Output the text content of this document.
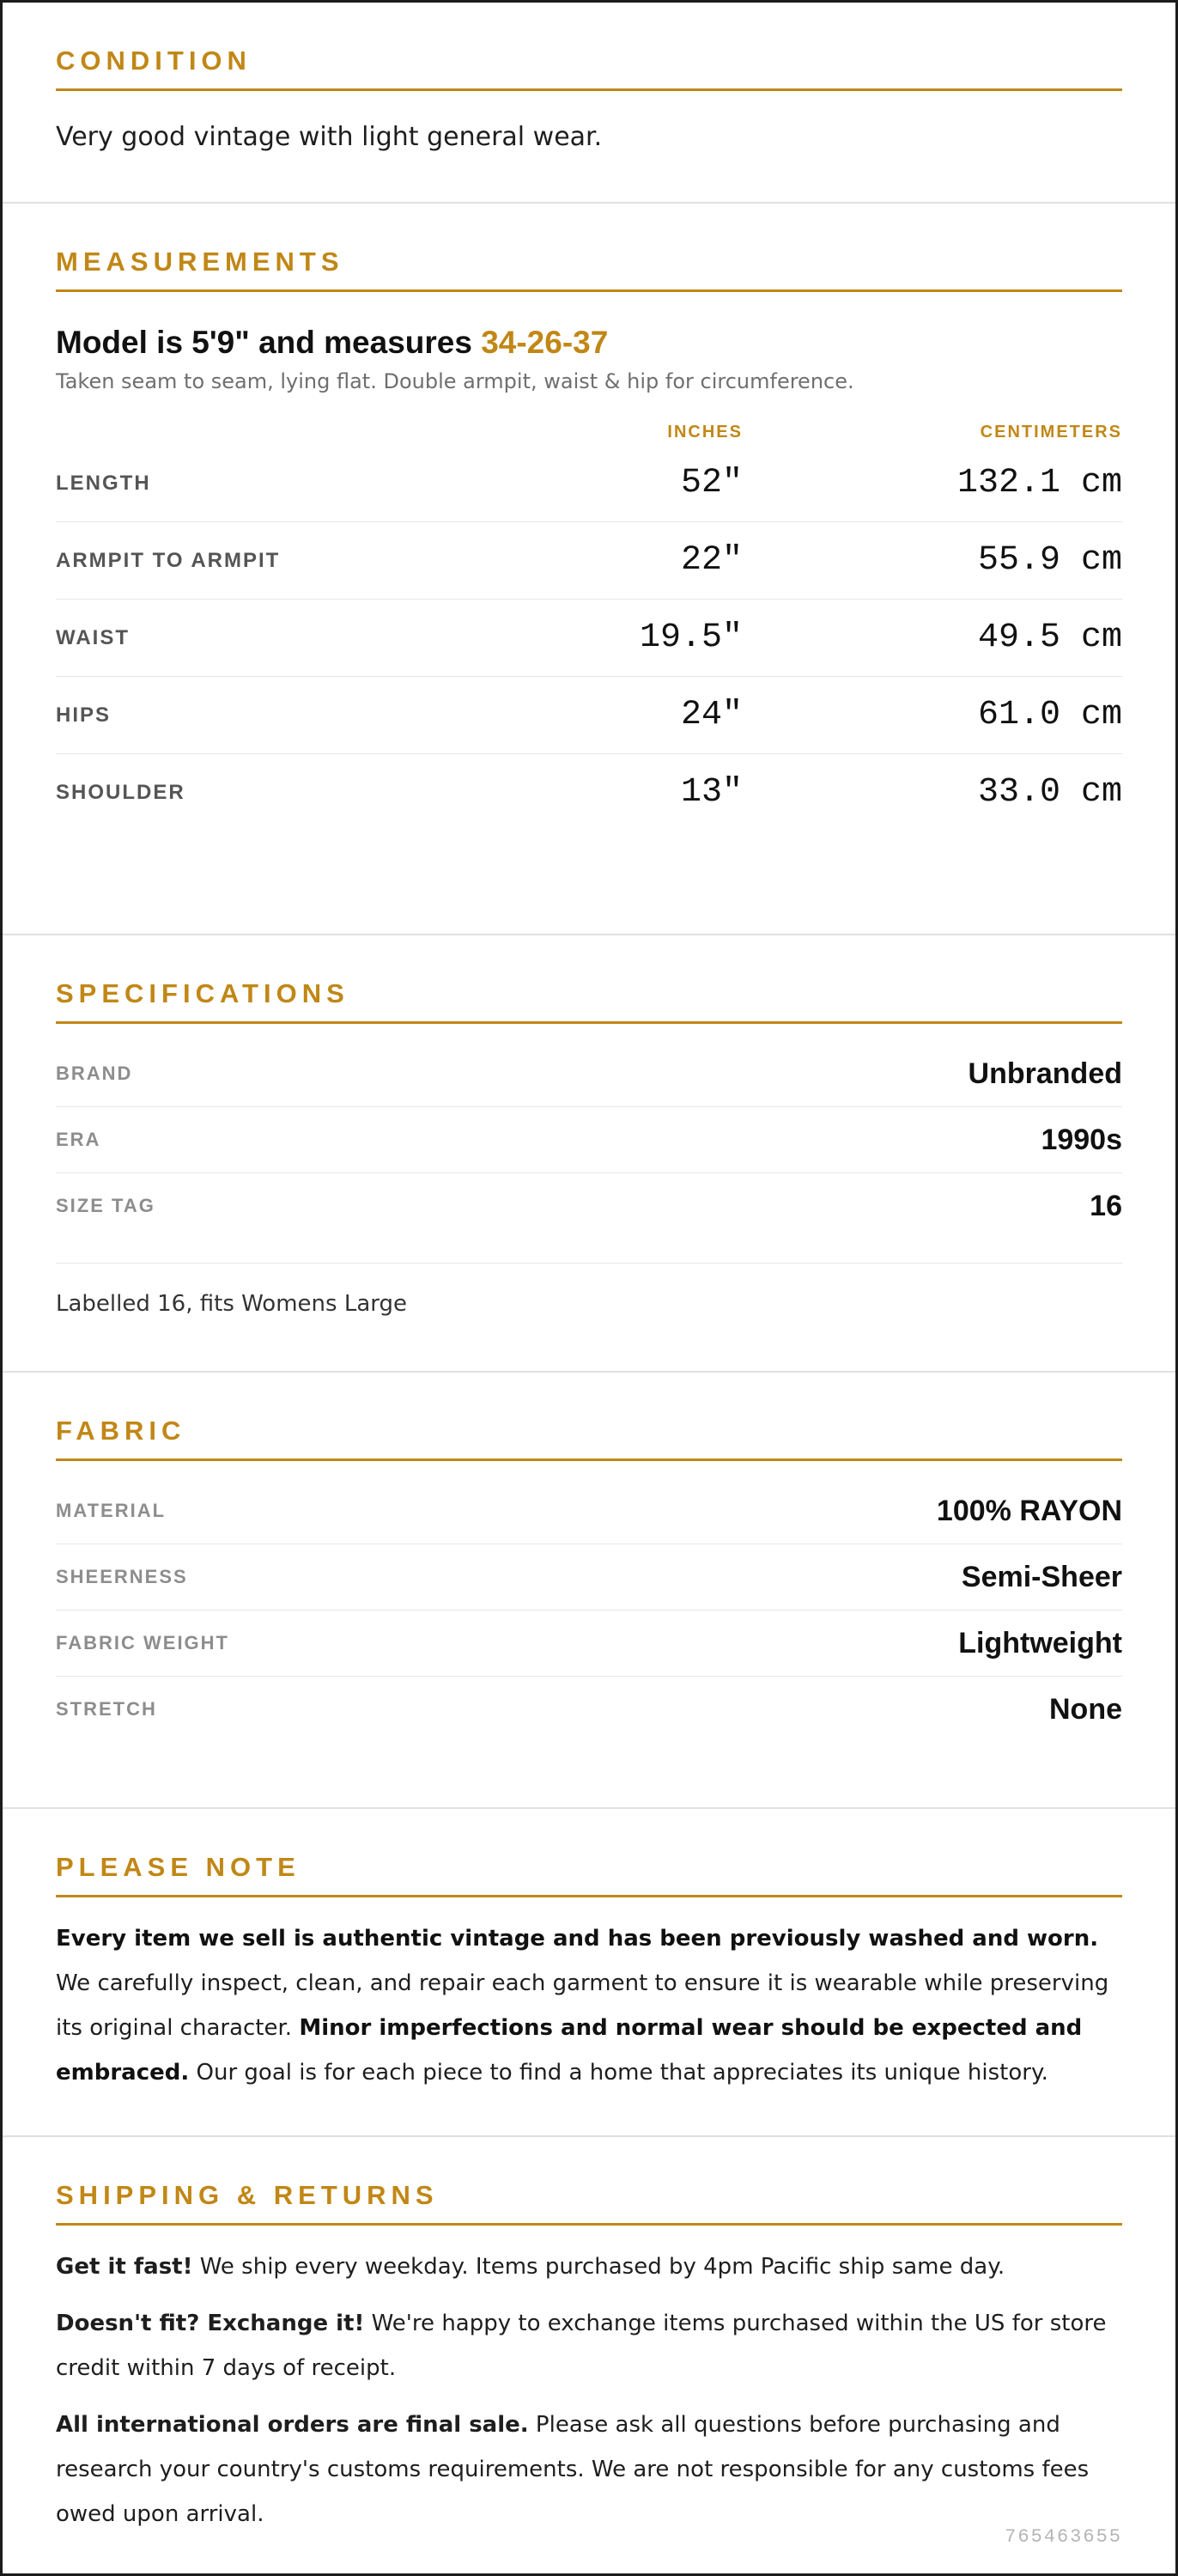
CONDITION
Very good vintage with light general wear.
MEASUREMENTS
Model is 5'9" and measures 34-26-37
Taken seam to seam, lying flat. Double armpit, waist & hip for circumference.
INCHES	CENTIMETERS
LENGTH	52"	132.1 cm
ARMPIT TO ARMPIT	22"	55.9 cm
WAIST	19.5"	49.5 cm
HIPS	24"	61.0 cm
SHOULDER	13"	33.0 cm
SPECIFICATIONS
BRAND	Unbranded
ERA	1990s
SIZE TAG	16
Labelled 16, fits Womens Large
FABRIC
MATERIAL	100% RAYON
SHEERNESS	Semi-Sheer
FABRIC WEIGHT	Lightweight
STRETCH	None
PLEASE NOTE

Every item we sell is authentic vintage and has been previously washed and worn. We carefully inspect, clean, and repair each garment to ensure it is wearable while preserving its original character. Minor imperfections and normal wear should be expected and embraced. Our goal is for each piece to find a home that appreciates its unique history.

SHIPPING & RETURNS

Get it fast! We ship every weekday. Items purchased by 4pm Pacific ship same day.

Doesn't fit? Exchange it! We're happy to exchange items purchased within the US for store credit within 7 days of receipt.

All international orders are final sale. Please ask all questions before purchasing and research your country's customs requirements. We are not responsible for any customs fees owed upon arrival.

765463655
